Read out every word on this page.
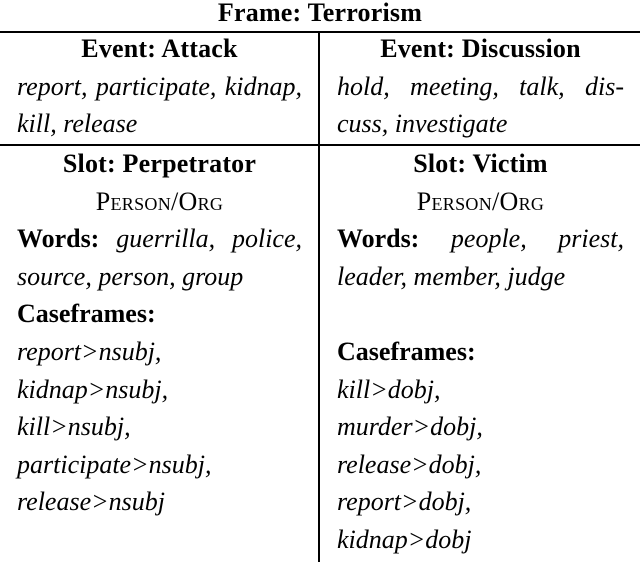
Frame: Terrorism
Event: Attack
report, participate, kidnap, kill, release
Event: Discussion
hold, meeting, talk, discuss, investigate
Slot: Perpetrator
Person/Org
Words: guerrilla, police, source, person, group
Caseframes:
report>nsubj,
kidnap>nsubj,
kill>nsubj,
participate>nsubj,
release>nsubj
Slot: Victim
Person/Org
Words: people, priest, leader, member, judge
Caseframes:
kill>dobj,
murder>dobj,
release>dobj,
report>dobj,
kidnap>dobj
